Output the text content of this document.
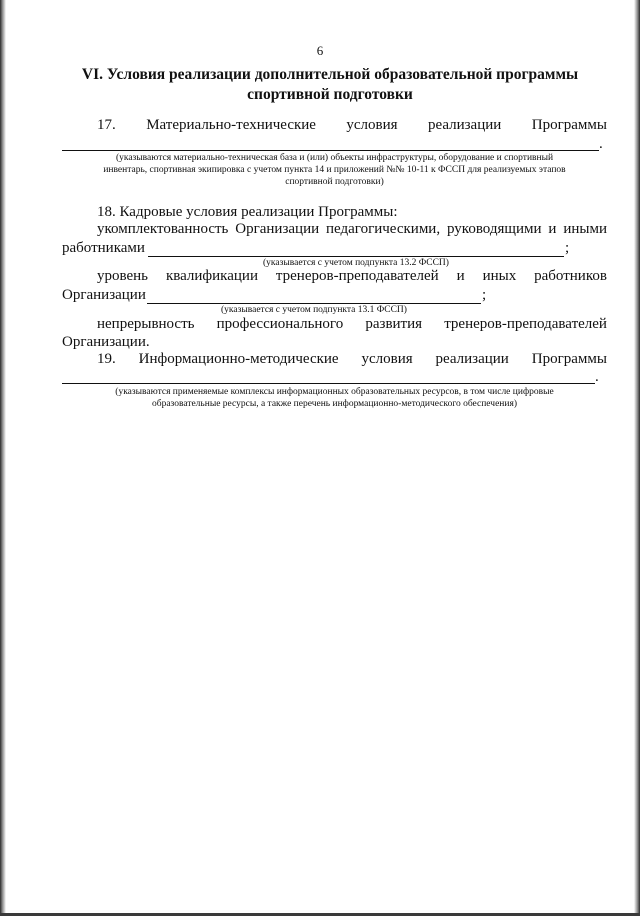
6
VI. Условия реализации дополнительной образовательной программы
спортивной подготовки
17. Материально-технические условия реализации Программы
.
(указываются материально-техническая база и (или) объекты инфраструктуры, оборудование и спортивный
инвентарь, спортивная экипировка с учетом пункта 14 и приложений №№ 10-11 к ФССП для реализуемых этапов
спортивной подготовки)
18. Кадровые условия реализации Программы:
укомплектованность Организации педагогическими, руководящими и иными
работниками	;
(указывается с учетом подпункта 13.2 ФССП)
уровень квалификации тренеров-преподавателей и иных работников
Организации	;
(указывается с учетом подпункта 13.1 ФССП)
непрерывность профессионального развития тренеров-преподавателей
Организации.
19. Информационно-методические условия реализации Программы
.
(указываются применяемые комплексы информационных образовательных ресурсов, в том числе цифровые
образовательные ресурсы, а также перечень информационно-методического обеспечения)
